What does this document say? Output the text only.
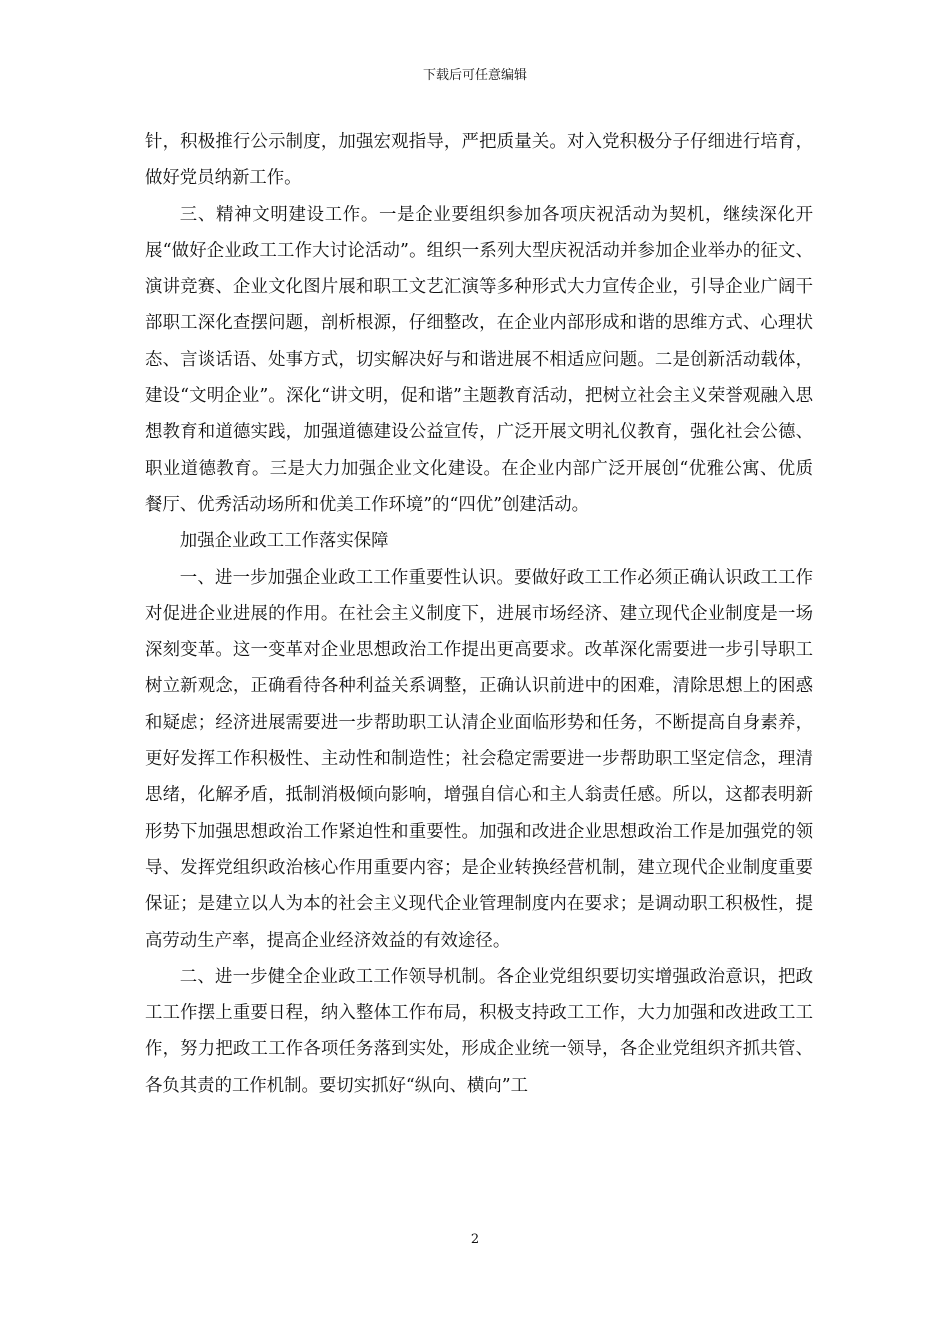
下载后可任意编辑

针，积极推行公示制度，加强宏观指导，严把质量关。对入党积极分子仔细进行培育，做好党员纳新工作。

三、精神文明建设工作。一是企业要组织参加各项庆祝活动为契机，继续深化开展“做好企业政工工作大讨论活动”。组织一系列大型庆祝活动并参加企业举办的征文、演讲竞赛、企业文化图片展和职工文艺汇演等多种形式大力宣传企业，引导企业广阔干部职工深化查摆问题，剖析根源，仔细整改，在企业内部形成和谐的思维方式、心理状态、言谈话语、处事方式，切实解决好与和谐进展不相适应问题。二是创新活动载体，建设“文明企业”。深化“讲文明，促和谐”主题教育活动，把树立社会主义荣誉观融入思想教育和道德实践，加强道德建设公益宣传，广泛开展文明礼仪教育，强化社会公德、职业道德教育。三是大力加强企业文化建设。在企业内部广泛开展创“优雅公寓、优质餐厅、优秀活动场所和优美工作环境”的“四优”创建活动。

加强企业政工工作落实保障

一、进一步加强企业政工工作重要性认识。要做好政工工作必须正确认识政工工作对促进企业进展的作用。在社会主义制度下，进展市场经济、建立现代企业制度是一场深刻变革。这一变革对企业思想政治工作提出更高要求。改革深化需要进一步引导职工树立新观念，正确看待各种利益关系调整，正确认识前进中的困难，清除思想上的困惑和疑虑；经济进展需要进一步帮助职工认清企业面临形势和任务，不断提高自身素养，更好发挥工作积极性、主动性和制造性；社会稳定需要进一步帮助职工坚定信念，理清思绪，化解矛盾，抵制消极倾向影响，增强自信心和主人翁责任感。所以，这都表明新形势下加强思想政治工作紧迫性和重要性。加强和改进企业思想政治工作是加强党的领导、发挥党组织政治核心作用重要内容；是企业转换经营机制，建立现代企业制度重要保证；是建立以人为本的社会主义现代企业管理制度内在要求；是调动职工积极性，提高劳动生产率，提高企业经济效益的有效途径。

二、进一步健全企业政工工作领导机制。各企业党组织要切实增强政治意识，把政工工作摆上重要日程，纳入整体工作布局，积极支持政工工作，大力加强和改进政工工作，努力把政工工作各项任务落到实处，形成企业统一领导，各企业党组织齐抓共管、各负其责的工作机制。要切实抓好“纵向、横向”工

2
